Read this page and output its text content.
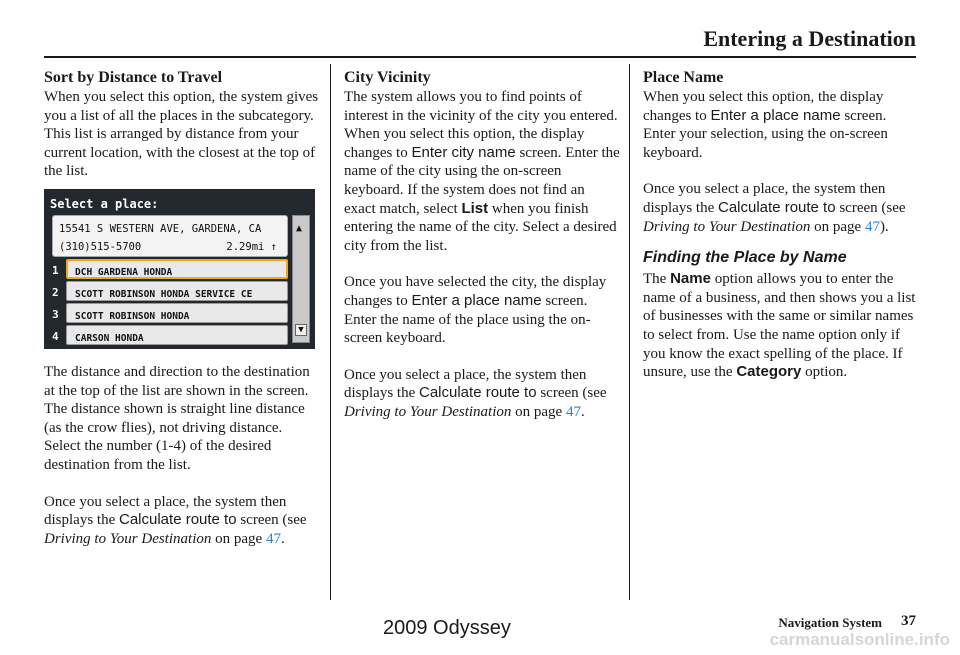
Entering a Destination
Sort by Distance to Travel

When you select this option, the system gives you a list of all the places in the subcategory. This list is arranged by distance from your current location, with the closest at the top of the list.

Select a place:
15541 S WESTERN AVE, GARDENA, CA
(310)515-5700	2.29mi ↑
1	DCH GARDENA HONDA
2	SCOTT ROBINSON HONDA SERVICE CE
3	SCOTT ROBINSON HONDA
4	CARSON HONDA
▲
▼

The distance and direction to the destination at the top of the list are shown in the screen. The distance shown is straight line distance (as the crow flies), not driving distance. Select the number (1-4) of the desired destination from the list.

Once you select a place, the system then displays the Calculate route to screen (see Driving to Your Destination on page 47.

City Vicinity

The system allows you to find points of interest in the vicinity of the city you entered. When you select this option, the display changes to Enter city name screen. Enter the name of the city using the on-screen keyboard. If the system does not find an exact match, select List when you finish entering the name of the city. Select a desired city from the list.

Once you have selected the city, the display changes to Enter a place name screen. Enter the name of the place using the on-screen keyboard.

Once you select a place, the system then displays the Calculate route to screen (see Driving to Your Destination on page 47.

Place Name

When you select this option, the display changes to Enter a place name screen. Enter your selection, using the on-screen keyboard.

Once you select a place, the system then displays the Calculate route to screen (see Driving to Your Destination on page 47).

Finding the Place by Name

The Name option allows you to enter the name of a business, and then shows you a list of businesses with the same or similar names to select from. Use the name option only if you know the exact spelling of the place. If unsure, use the Category option.

Navigation System 37
2009 Odyssey
carmanualsonline.info
